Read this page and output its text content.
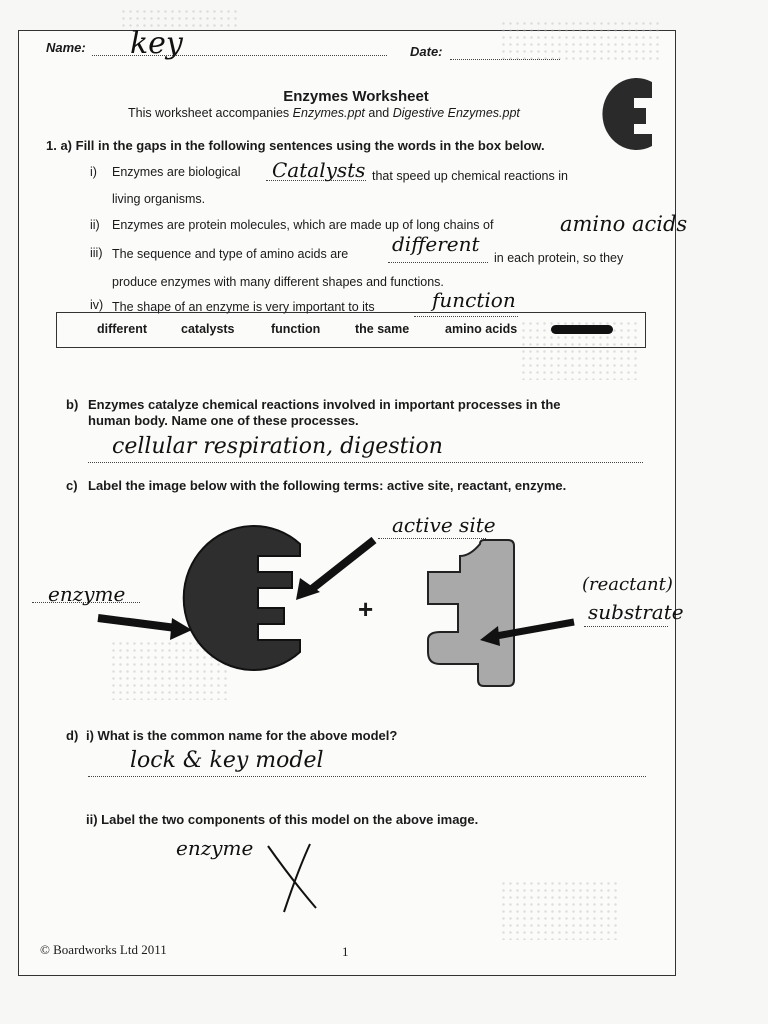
Name: key	Date:
Enzymes Worksheet
This worksheet accompanies Enzymes.ppt and Digestive Enzymes.ppt
1. a) Fill in the gaps in the following sentences using the words in the box below.
i) Enzymes are biological Catalysts that speed up chemical reactions in
living organisms.
ii) Enzymes are protein molecules, which are made up of long chains of	amino acids
iii) The sequence and type of amino acids are different
in each protein, so they
produce enzymes with many different shapes and functions.
iv) The shape of an enzyme is very important to its	function
different	catalysts	function	the same	amino acids
b) Enzymes catalyze chemical reactions involved in important processes in the
human body. Name one of these processes.
cellular respiration, digestion
c) Label the image below with the following terms: active site, reactant, enzyme.
+
enzyme
active site
(reactant)
substrate
d) i) What is the common name for the above model?
lock & key model
ii) Label the two components of this model on the above image.
enzyme
© Boardworks Ltd 2011	1
